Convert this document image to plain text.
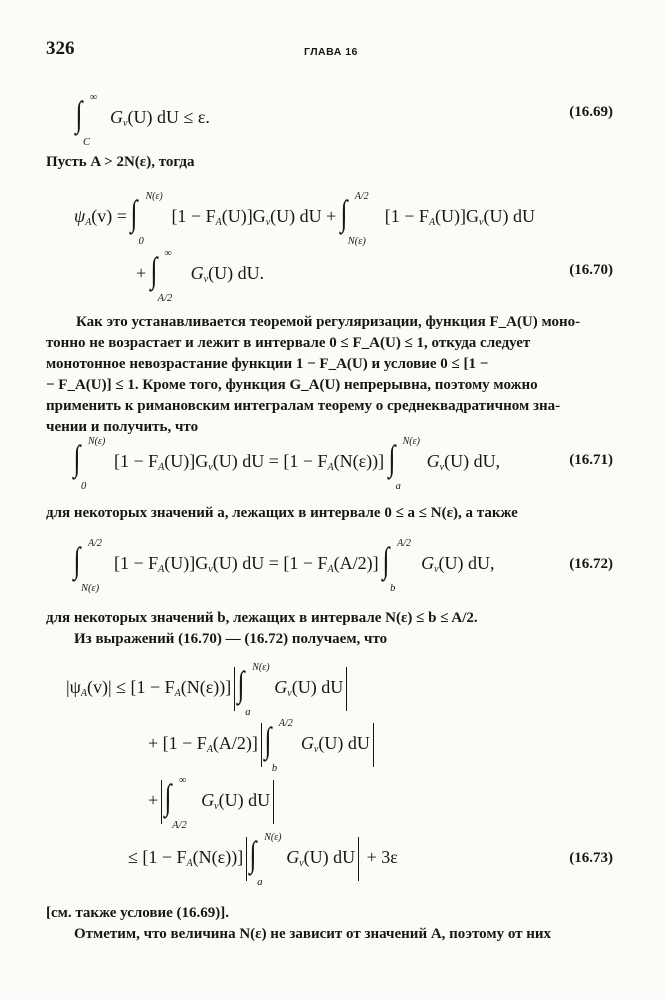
326	ГЛАВА 16
∫ ∞
C
$G_v(U)$ dU ≤ ε.	(16.69)
Пусть A > 2N(ε), тогда
$\psi_A(v)$ = ∫ N(ε)
0
$[1 - F_A(U)]G_v(U)$ dU + ∫ A/2
N(ε)
$[1 - F_A(U)]G_v(U)$ dU
+ ∫ ∞
A/2
$G_v(U)$ dU.	(16.70)
Как это устанавливается теоремой регуляризации, функция F_A(U) моно-
тонно не возрастает и лежит в интервале 0 ≤ F_A(U) ≤ 1, откуда следует
монотонное невозрастание функции 1 − F_A(U) и условие 0 ≤ [1 −
− F_A(U)] ≤ 1. Кроме того, функция G_A(U) непрерывна, поэтому можно
применить к римановским интегралам теорему о среднеквадратичном зна-
чении и получить, что
∫ N(ε)
0
$[1 - F_A(U)]G_v(U)$ dU = $[1 - F_A(N(\varepsilon))]$ ∫ N(ε)
a
$G_v(U)$ dU,	(16.71)
для некоторых значений a, лежащих в интервале 0 ≤ a ≤ N(ε), а также
∫ A/2
N(ε)
$[1 - F_A(U)]G_v(U)$ dU = $[1 - F_A(A/2)]$ ∫ A/2
b
$G_v(U)$ dU,	(16.72)
для некоторых значений b, лежащих в интервале N(ε) ≤ b ≤ A/2.
Из выражений (16.70) — (16.72) получаем, что
$|\psi_A(v)| \le [1 - F_A(N(\varepsilon))]$ ∫ N(ε)
a
$G_v(U)$ dU
+ $[1 - F_A(A/2)]$ ∫ A/2
b
$G_v(U)$ dU
+ ∫ ∞
A/2
$G_v(U)$ dU
≤ $[1 - F_A(N(\varepsilon))]$ ∫ N(ε)
a
$G_v(U)$ dU + 3ε	(16.73)
[см. также условие (16.69)].
Отметим, что величина N(ε) не зависит от значений A, поэтому от них
